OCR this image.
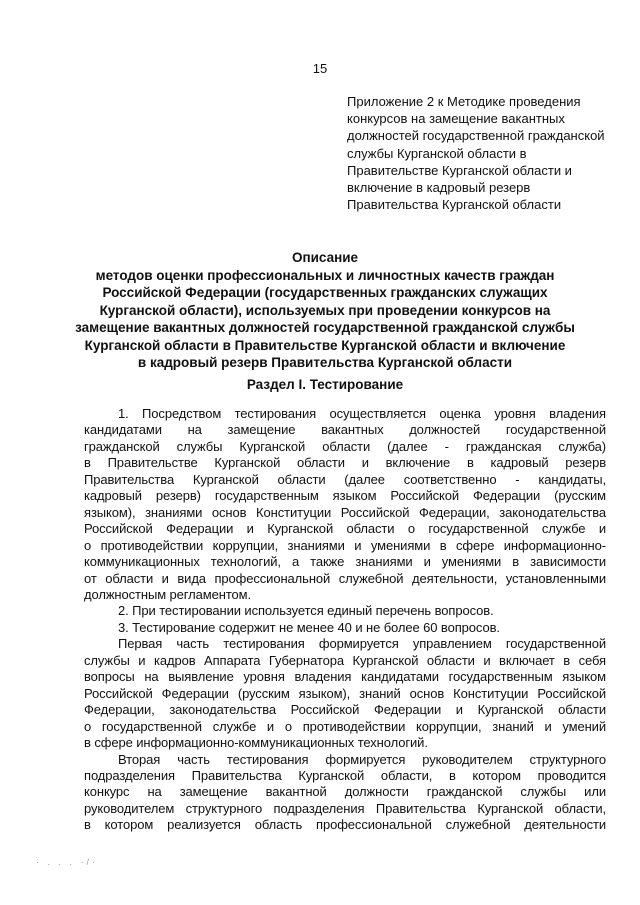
15
Приложение 2 к Методике проведения конкурсов на замещение вакантных должностей государственной гражданской службы Курганской области в Правительстве Курганской области и включение в кадровый резерв Правительства Курганской области
Описание
методов оценки профессиональных и личностных качеств граждан
Российской Федерации (государственных гражданских служащих
Курганской области), используемых при проведении конкурсов на
замещение вакантных должностей государственной гражданской службы
Курганской области в Правительстве Курганской области и включение
в кадровый резерв Правительства Курганской области
Раздел I. Тестирование
1. Посредством тестирования осуществляется оценка уровня владения
кандидатами на замещение вакантных должностей государственной
гражданской службы Курганской области (далее - гражданская служба)
в Правительстве Курганской области и включение в кадровый резерв
Правительства Курганской области (далее соответственно - кандидаты,
кадровый резерв) государственным языком Российской Федерации (русским
языком), знаниями основ Конституции Российской Федерации, законодательства
Российской Федерации и Курганской области о государственной службе и
о противодействии коррупции, знаниями и умениями в сфере информационно-
коммуникационных технологий, а также знаниями и умениями в зависимости
от области и вида профессиональной служебной деятельности, установленными
должностным регламентом.
2. При тестировании используется единый перечень вопросов.
3. Тестирование содержит не менее 40 и не более 60 вопросов.
Первая часть тестирования формируется управлением государственной
службы и кадров Аппарата Губернатора Курганской области и включает в себя
вопросы на выявление уровня владения кандидатами государственным языком
Российской Федерации (русским языком), знаний основ Конституции Российской
Федерации, законодательства Российской Федерации и Курганской области
о государственной службе и о противодействии коррупции, знаний и умений
в сфере информационно-коммуникационных технологий.
Вторая часть тестирования формируется руководителем структурного
подразделения Правительства Курганской области, в котором проводится
конкурс на замещение вакантной должности гражданской службы или
руководителем структурного подразделения Правительства Курганской области,
в котором реализуется область профессиональной служебной деятельности
· . . . ·/·
